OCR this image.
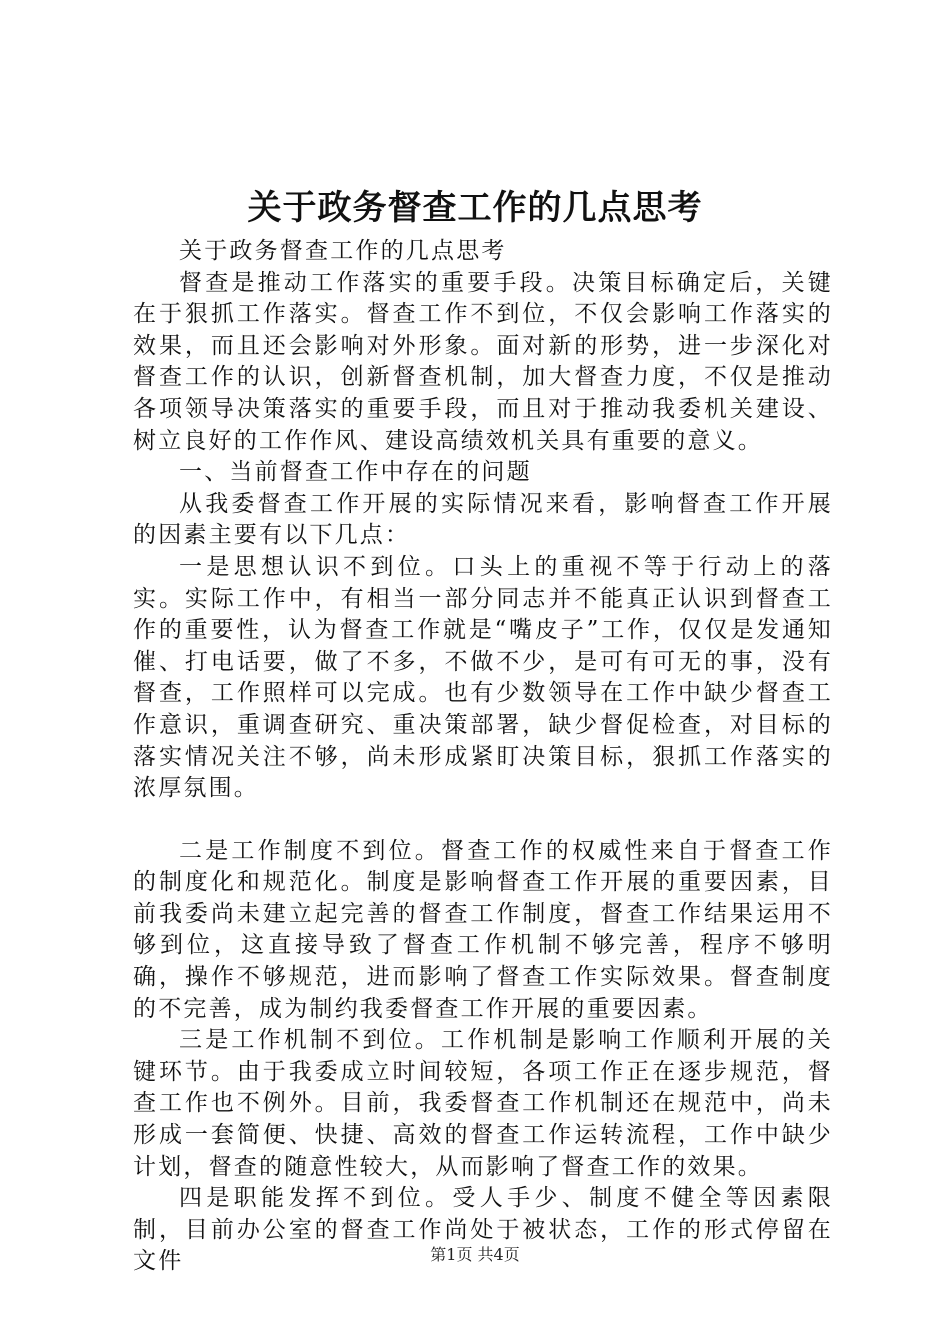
关于政务督查工作的几点思考

关于政务督查工作的几点思考

督查是推动工作落实的重要手段。决策目标确定后，关键在于狠抓工作落实。督查工作不到位，不仅会影响工作落实的效果，而且还会影响对外形象。面对新的形势，进一步深化对督查工作的认识，创新督查机制，加大督查力度，不仅是推动各项领导决策落实的重要手段，而且对于推动我委机关建设、树立良好的工作作风、建设高绩效机关具有重要的意义。

一、当前督查工作中存在的问题

从我委督查工作开展的实际情况来看，影响督查工作开展的因素主要有以下几点：

一是思想认识不到位。口头上的重视不等于行动上的落实。实际工作中，有相当一部分同志并不能真正认识到督查工作的重要性，认为督查工作就是“嘴皮子”工作，仅仅是发通知催、打电话要，做了不多，不做不少，是可有可无的事，没有督查，工作照样可以完成。也有少数领导在工作中缺少督查工作意识，重调查研究、重决策部署，缺少督促检查，对目标的落实情况关注不够，尚未形成紧盯决策目标，狠抓工作落实的浓厚氛围。

二是工作制度不到位。督查工作的权威性来自于督查工作的制度化和规范化。制度是影响督查工作开展的重要因素，目前我委尚未建立起完善的督查工作制度，督查工作结果运用不够到位，这直接导致了督查工作机制不够完善，程序不够明确，操作不够规范，进而影响了督查工作实际效果。督查制度的不完善，成为制约我委督查工作开展的重要因素。

三是工作机制不到位。工作机制是影响工作顺利开展的关键环节。由于我委成立时间较短，各项工作正在逐步规范，督查工作也不例外。目前，我委督查工作机制还在规范中，尚未形成一套简便、快捷、高效的督查工作运转流程，工作中缺少计划，督查的随意性较大，从而影响了督查工作的效果。

四是职能发挥不到位。受人手少、制度不健全等因素限制，目前办公室的督查工作尚处于被状态，工作的形式停留在文件	第1页 共4页
